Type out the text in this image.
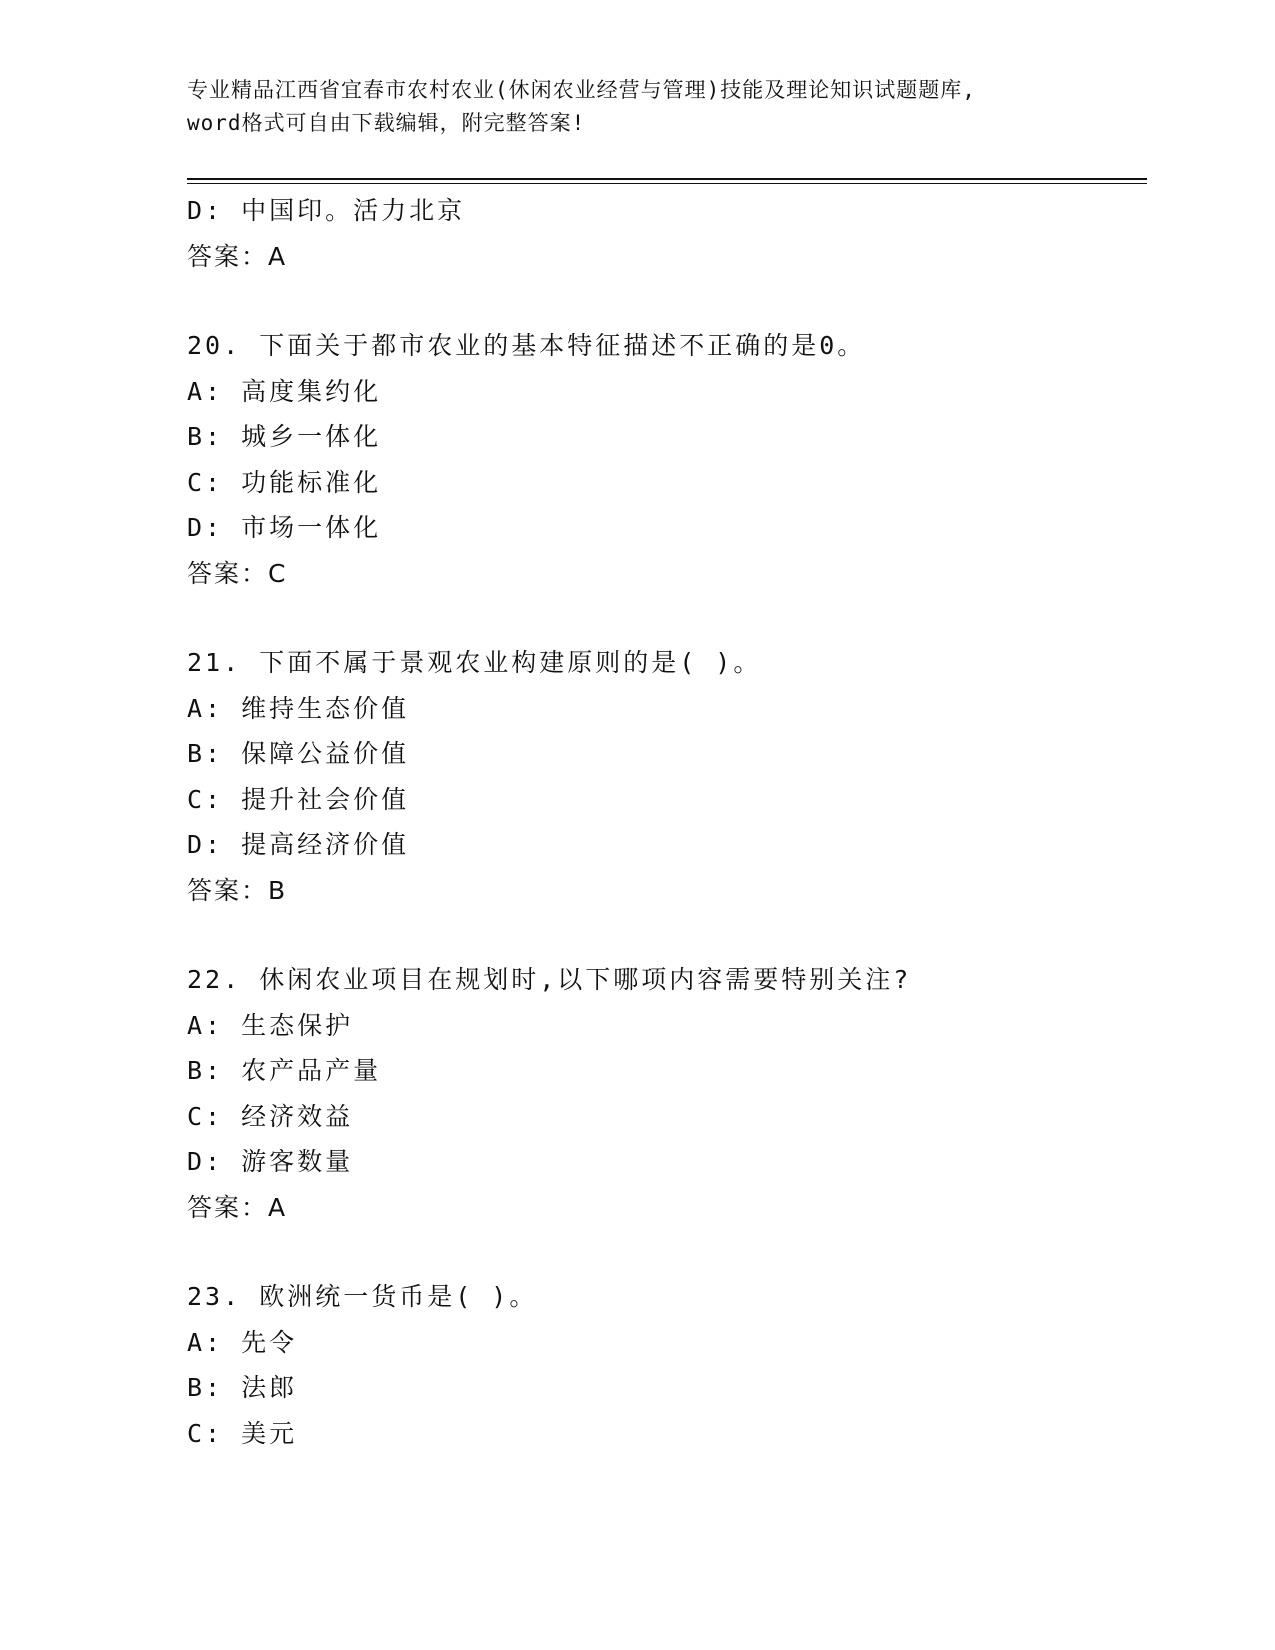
专业精品江西省宜春市农村农业(休闲农业经营与管理)技能及理论知识试题题库,
word格式可自由下载编辑，附完整答案!
D: 中国印。活力北京
答案：A
20. 下面关于都市农业的基本特征描述不正确的是0。
A: 高度集约化
B: 城乡一体化
C: 功能标准化
D: 市场一体化
答案：C
21. 下面不属于景观农业构建原则的是( )。
A: 维持生态价值
B: 保障公益价值
C: 提升社会价值
D: 提高经济价值
答案：B
22. 休闲农业项目在规划时,以下哪项内容需要特别关注?
A: 生态保护
B: 农产品产量
C: 经济效益
D: 游客数量
答案：A
23. 欧洲统一货币是( )。
A: 先令
B: 法郎
C: 美元
